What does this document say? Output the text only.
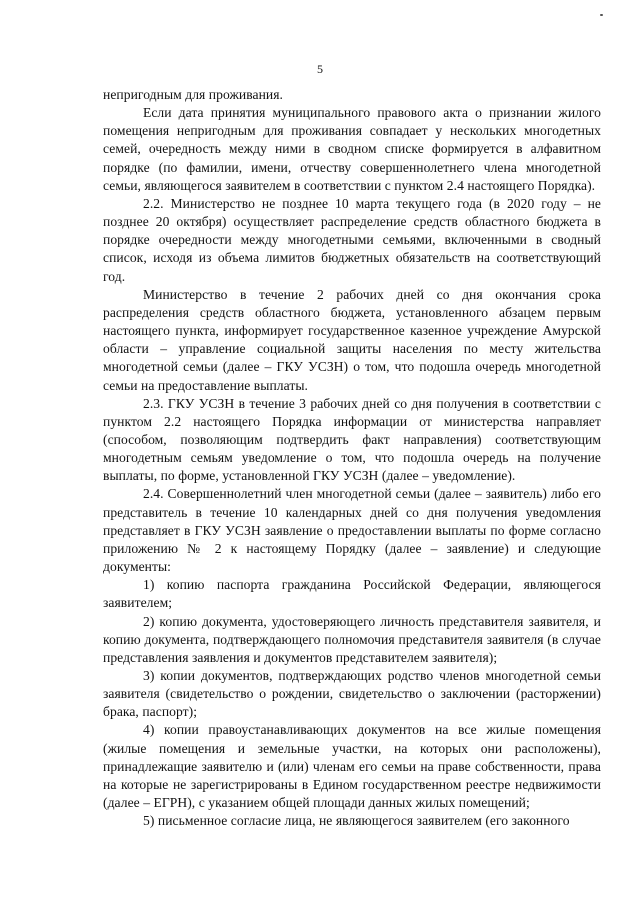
5

непригодным для проживания.

Если дата принятия муниципального правового акта о признании жилого помещения непригодным для проживания совпадает у нескольких многодетных семей, очередность между ними в сводном списке формируется в алфавитном порядке (по фамилии, имени, отчеству совершеннолетнего члена многодетной семьи, являющегося заявителем в соответствии с пунктом 2.4 настоящего Порядка).

2.2. Министерство не позднее 10 марта текущего года (в 2020 году – не позднее 20 октября) осуществляет распределение средств областного бюджета в порядке очередности между многодетными семьями, включенными в сводный список, исходя из объема лимитов бюджетных обязательств на соответствующий год.

Министерство в течение 2 рабочих дней со дня окончания срока распределения средств областного бюджета, установленного абзацем первым настоящего пункта, информирует государственное казенное учреждение Амурской области – управление социальной защиты населения по месту жительства многодетной семьи (далее – ГКУ УСЗН) о том, что подошла очередь многодетной семьи на предоставление выплаты.

2.3. ГКУ УСЗН в течение 3 рабочих дней со дня получения в соответствии с пунктом 2.2 настоящего Порядка информации от министерства направляет (способом, позволяющим подтвердить факт направления) соответствующим многодетным семьям уведомление о том, что подошла очередь на получение выплаты, по форме, установленной ГКУ УСЗН (далее – уведомление).

2.4. Совершеннолетний член многодетной семьи (далее – заявитель) либо его представитель в течение 10 календарных дней со дня получения уведомления представляет в ГКУ УСЗН заявление о предоставлении выплаты по форме согласно приложению № 2 к настоящему Порядку (далее – заявление) и следующие документы:

1) копию паспорта гражданина Российской Федерации, являющегося заявителем;

2) копию документа, удостоверяющего личность представителя заявителя, и копию документа, подтверждающего полномочия представителя заявителя (в случае представления заявления и документов представителем заявителя);

3) копии документов, подтверждающих родство членов многодетной семьи заявителя (свидетельство о рождении, свидетельство о заключении (расторжении) брака, паспорт);

4) копии правоустанавливающих документов на все жилые помещения (жилые помещения и земельные участки, на которых они расположены), принадлежащие заявителю и (или) членам его семьи на праве собственности, права на которые не зарегистрированы в Едином государственном реестре недвижимости (далее – ЕГРН), с указанием общей площади данных жилых помещений;

5) письменное согласие лица, не являющегося заявителем (его законного
